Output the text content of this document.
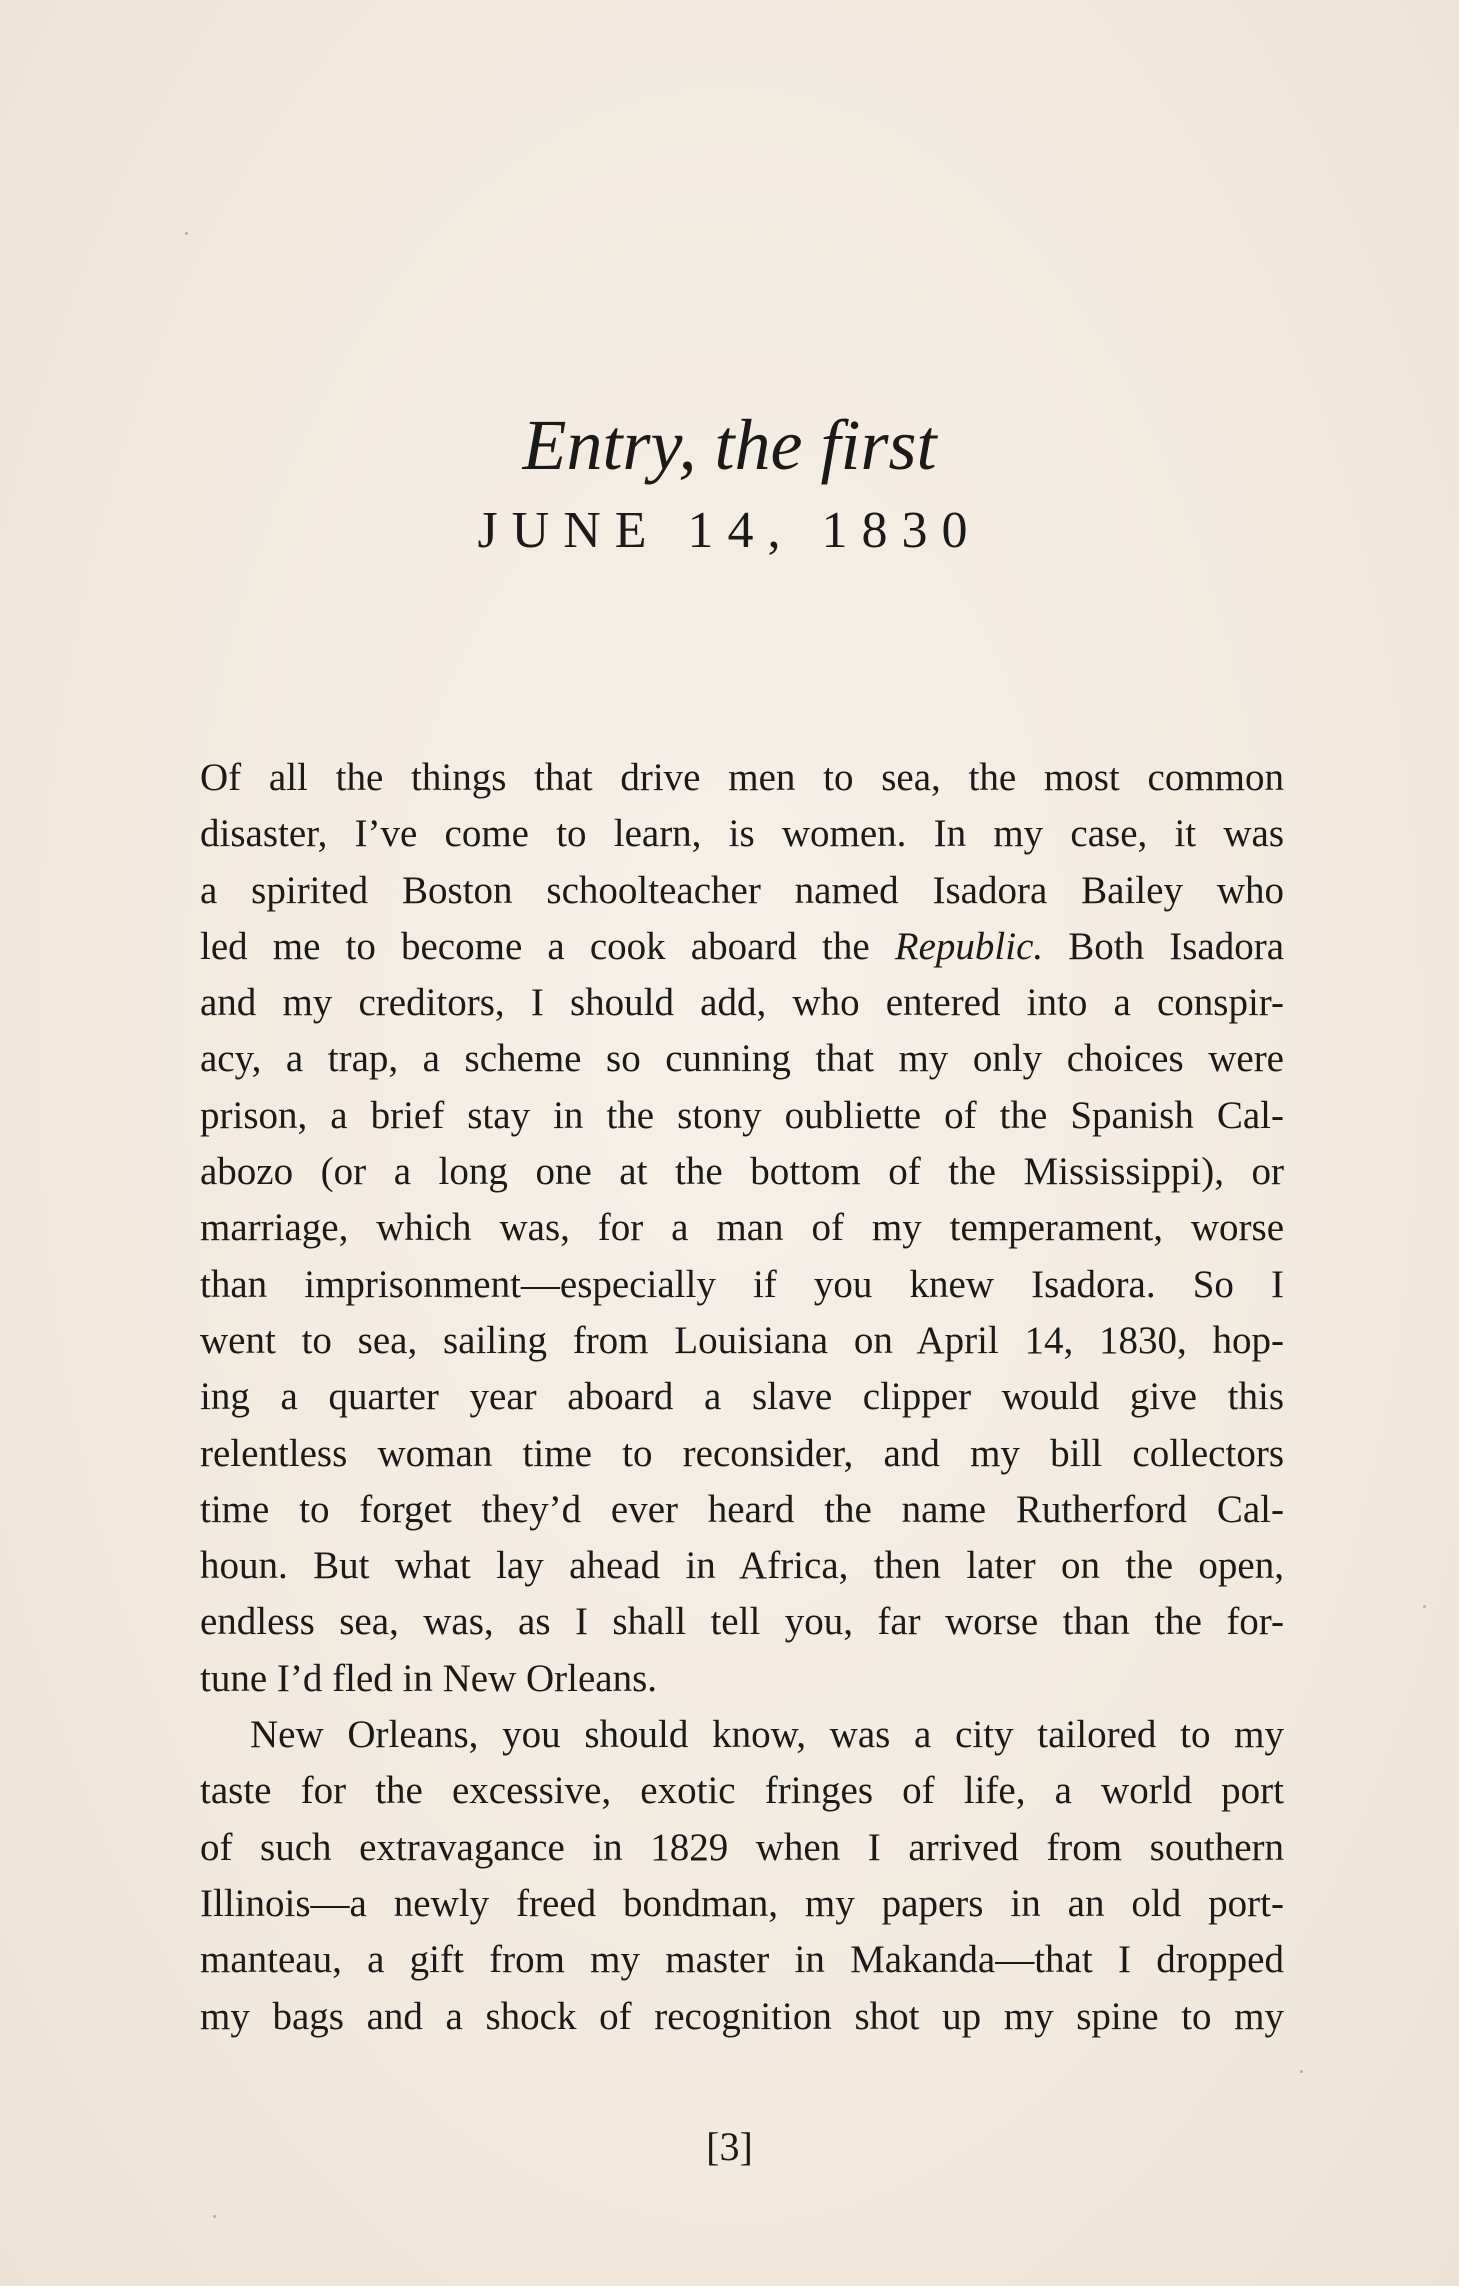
Entry, the first
JUNE 14, 1830
Of all the things that drive men to sea, the most common
disaster, I’ve come to learn, is women. In my case, it was
a spirited Boston schoolteacher named Isadora Bailey who
led me to become a cook aboard the Republic. Both Isadora
and my creditors, I should add, who entered into a conspir-
acy, a trap, a scheme so cunning that my only choices were
prison, a brief stay in the stony oubliette of the Spanish Cal-
abozo (or a long one at the bottom of the Mississippi), or
marriage, which was, for a man of my temperament, worse
than imprisonment—especially if you knew Isadora. So I
went to sea, sailing from Louisiana on April 14, 1830, hop-
ing a quarter year aboard a slave clipper would give this
relentless woman time to reconsider, and my bill collectors
time to forget they’d ever heard the name Rutherford Cal-
houn. But what lay ahead in Africa, then later on the open,
endless sea, was, as I shall tell you, far worse than the for-
tune I’d fled in New Orleans.
New Orleans, you should know, was a city tailored to my
taste for the excessive, exotic fringes of life, a world port
of such extravagance in 1829 when I arrived from southern
Illinois—a newly freed bondman, my papers in an old port-
manteau, a gift from my master in Makanda—that I dropped
my bags and a shock of recognition shot up my spine to my
[3]
